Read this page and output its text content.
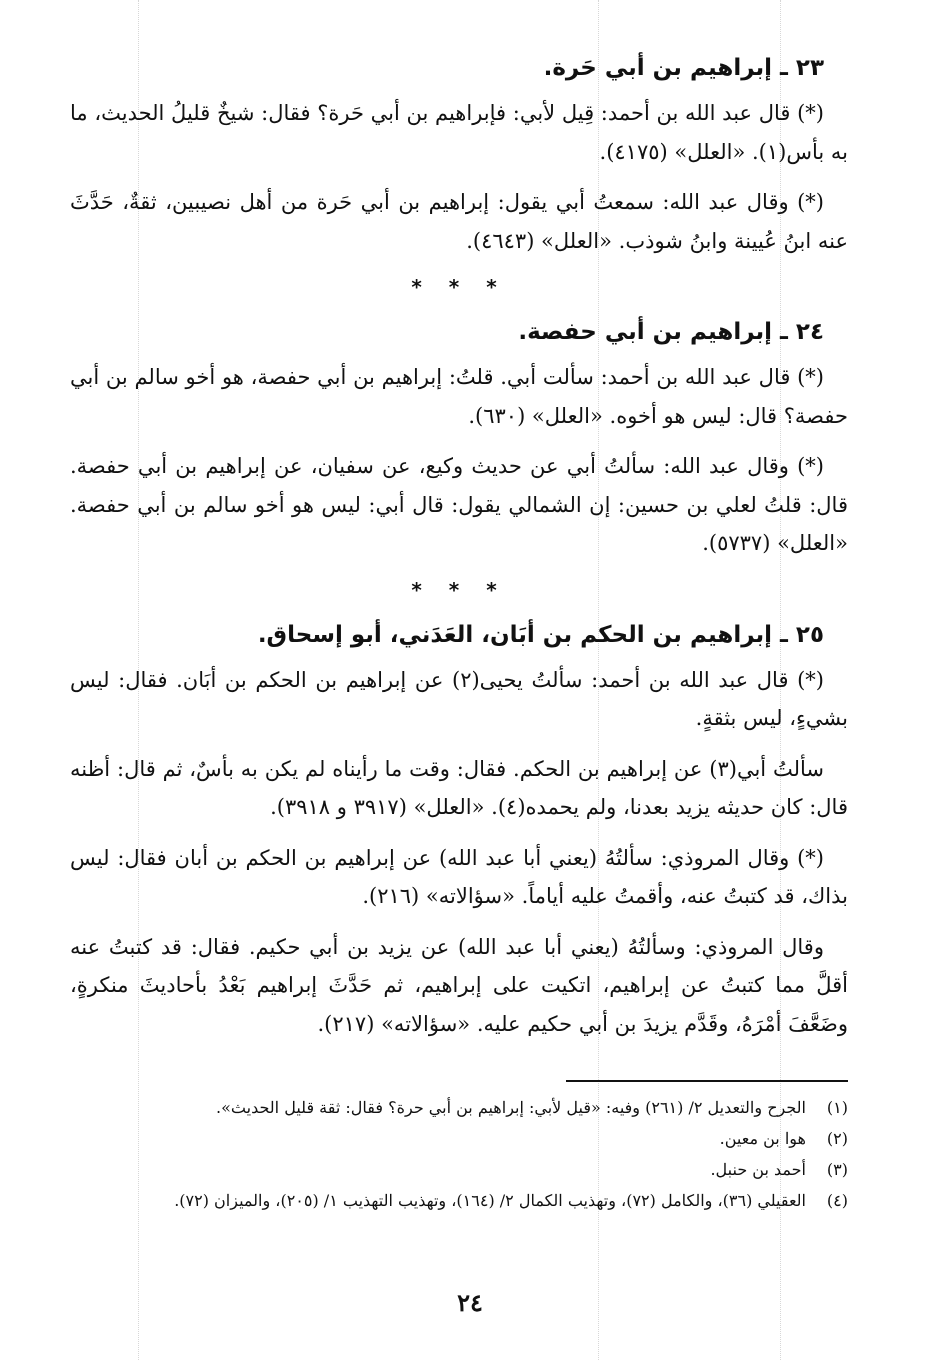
٢٣ ـ إبراهيم بن أبي حَرة.

(*) قال عبد الله بن أحمد: قِيل لأبي: فإبراهيم بن أبي حَرة؟ فقال: شيخٌ قليلُ الحديث، ما به بأس(١). «العلل» (٤١٧٥).

(*) وقال عبد الله: سمعتُ أبي يقول: إبراهيم بن أبي حَرة من أهل نصيبين، ثقةٌ، حَدَّثَ عنه ابنُ عُيينة وابنُ شوذب. «العلل» (٤٦٤٣).

* * *
٢٤ ـ إبراهيم بن أبي حفصة.

(*) قال عبد الله بن أحمد: سألت أبي. قلتُ: إبراهيم بن أبي حفصة، هو أخو سالم بن أبي حفصة؟ قال: ليس هو أخوه. «العلل» (٦٣٠).

(*) وقال عبد الله: سألتُ أبي عن حديث وكيع، عن سفيان، عن إبراهيم بن أبي حفصة. قال: قلتُ لعلي بن حسين: إن الشمالي يقول: قال أبي: ليس هو أخو سالم بن أبي حفصة. «العلل» (٥٧٣٧).

* * *
٢٥ ـ إبراهيم بن الحكم بن أبَان، العَدَني، أبو إسحاق.

(*) قال عبد الله بن أحمد: سألتُ يحيى(٢) عن إبراهيم بن الحكم بن أبَان. فقال: ليس بشيءٍ، ليس بثقةٍ.

سألتُ أبي(٣) عن إبراهيم بن الحكم. فقال: وقت ما رأيناه لم يكن به بأسٌ، ثم قال: أظنه قال: كان حديثه يزيد بعدنا، ولم يحمده(٤). «العلل» (٣٩١٧ و ٣٩١٨).

(*) وقال المروذي: سألتُهُ (يعني أبا عبد الله) عن إبراهيم بن الحكم بن أبان فقال: ليس بذاك، قد كتبتُ عنه، وأقمتُ عليه أياماً. «سؤالاته» (٢١٦).

وقال المروذي: وسألتُهُ (يعني أبا عبد الله) عن يزيد بن أبي حكيم. فقال: قد كتبتُ عنه أقلَّ مما كتبتُ عن إبراهيم، اتكيت على إبراهيم، ثم حَدَّثَ إبراهيم بَعْدُ بأحاديثَ منكرةٍ، وضَعَّفَ أمْرَهُ، وقَدَّم يزيدَ بن أبي حكيم عليه. «سؤالاته» (٢١٧).

(١)
الجرح والتعديل ٢/ (٢٦١) وفيه: «قيل لأبي: إبراهيم بن أبي حرة؟ فقال: ثقة قليل الحديث».
(٢)
هوا بن معين.
(٣)
أحمد بن حنبل.
(٤)
العقيلي (٣٦)، والكامل (٧٢)، وتهذيب الكمال ٢/ (١٦٤)، وتهذيب التهذيب ١/ (٢٠٥)، والميزان (٧٢).
٢٤
